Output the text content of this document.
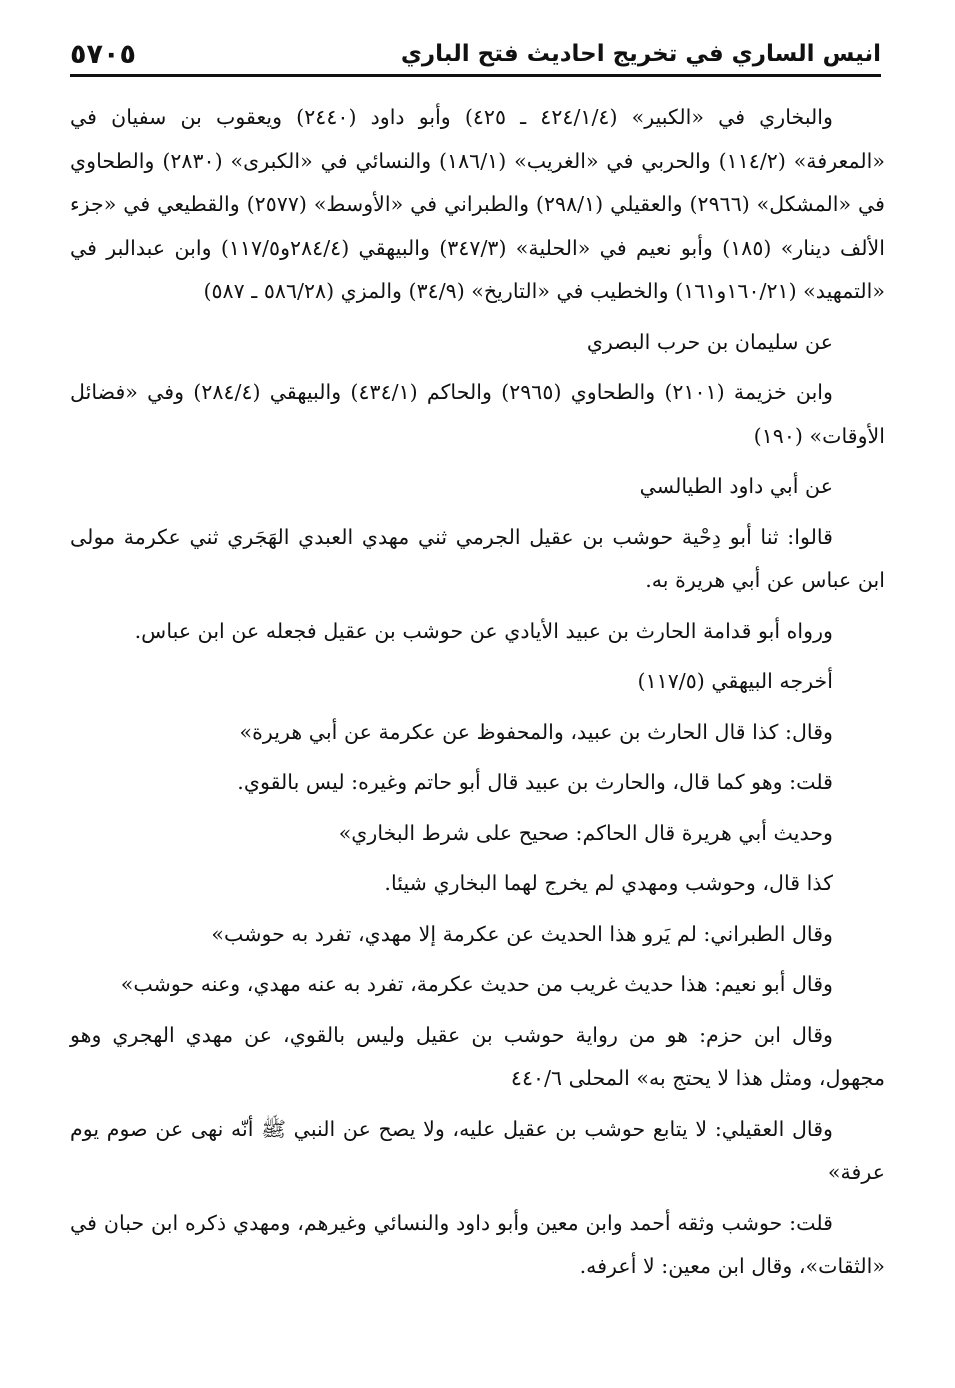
٥٧٠٥	انيس الساري في تخريج احاديث فتح الباري

والبخاري في «الكبير» (٤٢٤/١/٤ ـ ٤٢٥) وأبو داود (٢٤٤٠) ويعقوب بن سفيان في «المعرفة» (١١٤/٢) والحربي في «الغريب» (١٨٦/١) والنسائي في «الكبرى» (٢٨٣٠) والطحاوي في «المشكل» (٢٩٦٦) والعقيلي (٢٩٨/١) والطبراني في «الأوسط» (٢٥٧٧) والقطيعي في «جزء الألف دينار» (١٨٥) وأبو نعيم في «الحلية» (٣٤٧/٣) والبيهقي (٢٨٤/٤و١١٧/٥) وابن عبدالبر في «التمهيد» (١٦٠/٢١و١٦١) والخطيب في «التاريخ» (٣٤/٩) والمزي (٥٨٦/٢٨ ـ ٥٨٧)

عن سليمان بن حرب البصري

وابن خزيمة (٢١٠١) والطحاوي (٢٩٦٥) والحاكم (٤٣٤/١) والبيهقي (٢٨٤/٤) وفي «فضائل الأوقات» (١٩٠)

عن أبي داود الطيالسي

قالوا: ثنا أبو دِحْية حوشب بن عقيل الجرمي ثني مهدي العبدي الهَجَري ثني عكرمة مولى ابن عباس عن أبي هريرة به.

ورواه أبو قدامة الحارث بن عبيد الأيادي عن حوشب بن عقيل فجعله عن ابن عباس.

أخرجه البيهقي (١١٧/٥)

وقال: كذا قال الحارث بن عبيد، والمحفوظ عن عكرمة عن أبي هريرة»

قلت: وهو كما قال، والحارث بن عبيد قال أبو حاتم وغيره: ليس بالقوي.

وحديث أبي هريرة قال الحاكم: صحيح على شرط البخاري»

كذا قال، وحوشب ومهدي لم يخرج لهما البخاري شيئا.

وقال الطبراني: لم يَرو هذا الحديث عن عكرمة إلا مهدي، تفرد به حوشب»

وقال أبو نعيم: هذا حديث غريب من حديث عكرمة، تفرد به عنه مهدي، وعنه حوشب»

وقال ابن حزم: هو من رواية حوشب بن عقيل وليس بالقوي، عن مهدي الهجري وهو مجهول، ومثل هذا لا يحتج به» المحلى ٤٤٠/٦

وقال العقيلي: لا يتابع حوشب بن عقيل عليه، ولا يصح عن النبي ﷺ أنّه نهى عن صوم يوم عرفة»

قلت: حوشب وثقه أحمد وابن معين وأبو داود والنسائي وغيرهم، ومهدي ذكره ابن حبان في «الثقات»، وقال ابن معين: لا أعرفه.
